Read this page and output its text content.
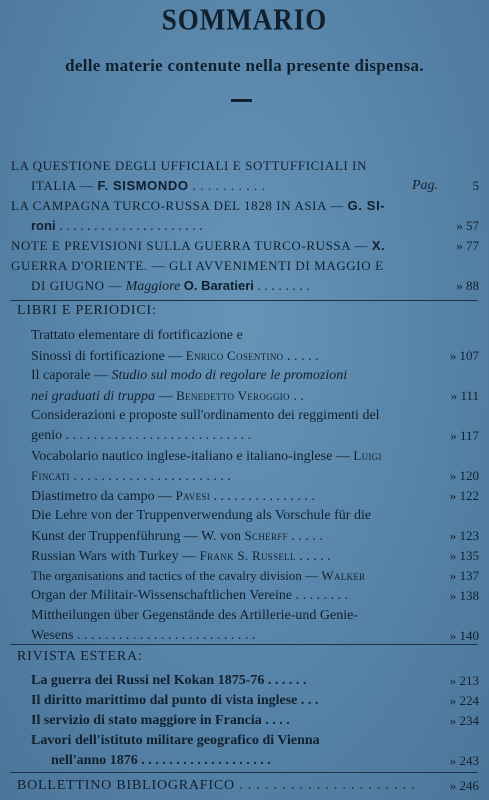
SOMMARIO
delle materie contenute nella presente dispensa.
LA QUESTIONE DEGLI UFFICIALI E SOTTUFFICIALI IN
ITALIA — F. SISMONDO . . . . . . . . . .	Pag.	5
LA CAMPAGNA TURCO-RUSSA DEL 1828 IN ASIA — G. SI-
roni . . . . . . . . . . . . . . . . . . . . .	» 57
NOTE E PREVISIONI SULLA GUERRA TURCO-RUSSA — X.	» 77
GUERRA D'ORIENTE. — GLI AVVENIMENTI DI MAGGIO E
DI GIUGNO — Maggiore O. Baratieri . . . . . . . .	» 88
LIBRI E PERIODICI:
Trattato elementare di fortificazione e
Sinossi di fortificazione — Enrico Cosentino . . . . .	» 107
Il caporale — Studio sul modo di regolare le promozioni
nei graduati di truppa — Benedetto Veroggio . .	» 111
Considerazioni e proposte sull'ordinamento dei reggimenti del
genio . . . . . . . . . . . . . . . . . . . . . . . . . . .	» 117
Vocabolario nautico inglese-italiano e italiano-inglese — Luigi
Fincati . . . . . . . . . . . . . . . . . . . . . . .	» 120
Diastimetro da campo — Pavesi . . . . . . . . . . . . . . .	» 122
Die Lehre von der Truppenverwendung als Vorschule für die
Kunst der Truppenführung — W. von Scherff . . . . .	» 123
Russian Wars with Turkey — Frank S. Russell . . . . .	» 135
The organisations and tactics of the cavalry division — Walker	» 137
Organ der Militair-Wissenschaftlichen Vereine . . . . . . . .	» 138
Mittheilungen über Gegenstände des Artillerie-und Genie-
Wesens . . . . . . . . . . . . . . . . . . . . . . . . . .	» 140
RIVISTA ESTERA:
La guerra dei Russi nel Kokan 1875-76 . . . . . .	» 213
Il diritto marittimo dal punto di vista inglese . . .	» 224
Il servizio di stato maggiore in Francia . . . .	» 234
Lavori dell'istituto militare geografico di Vienna
nell'anno 1876 . . . . . . . . . . . . . . . . . . .	» 243
BOLLETTINO BIBLIOGRAFICO . . . . . . . . . . . . . . . . . . . . .	» 246
